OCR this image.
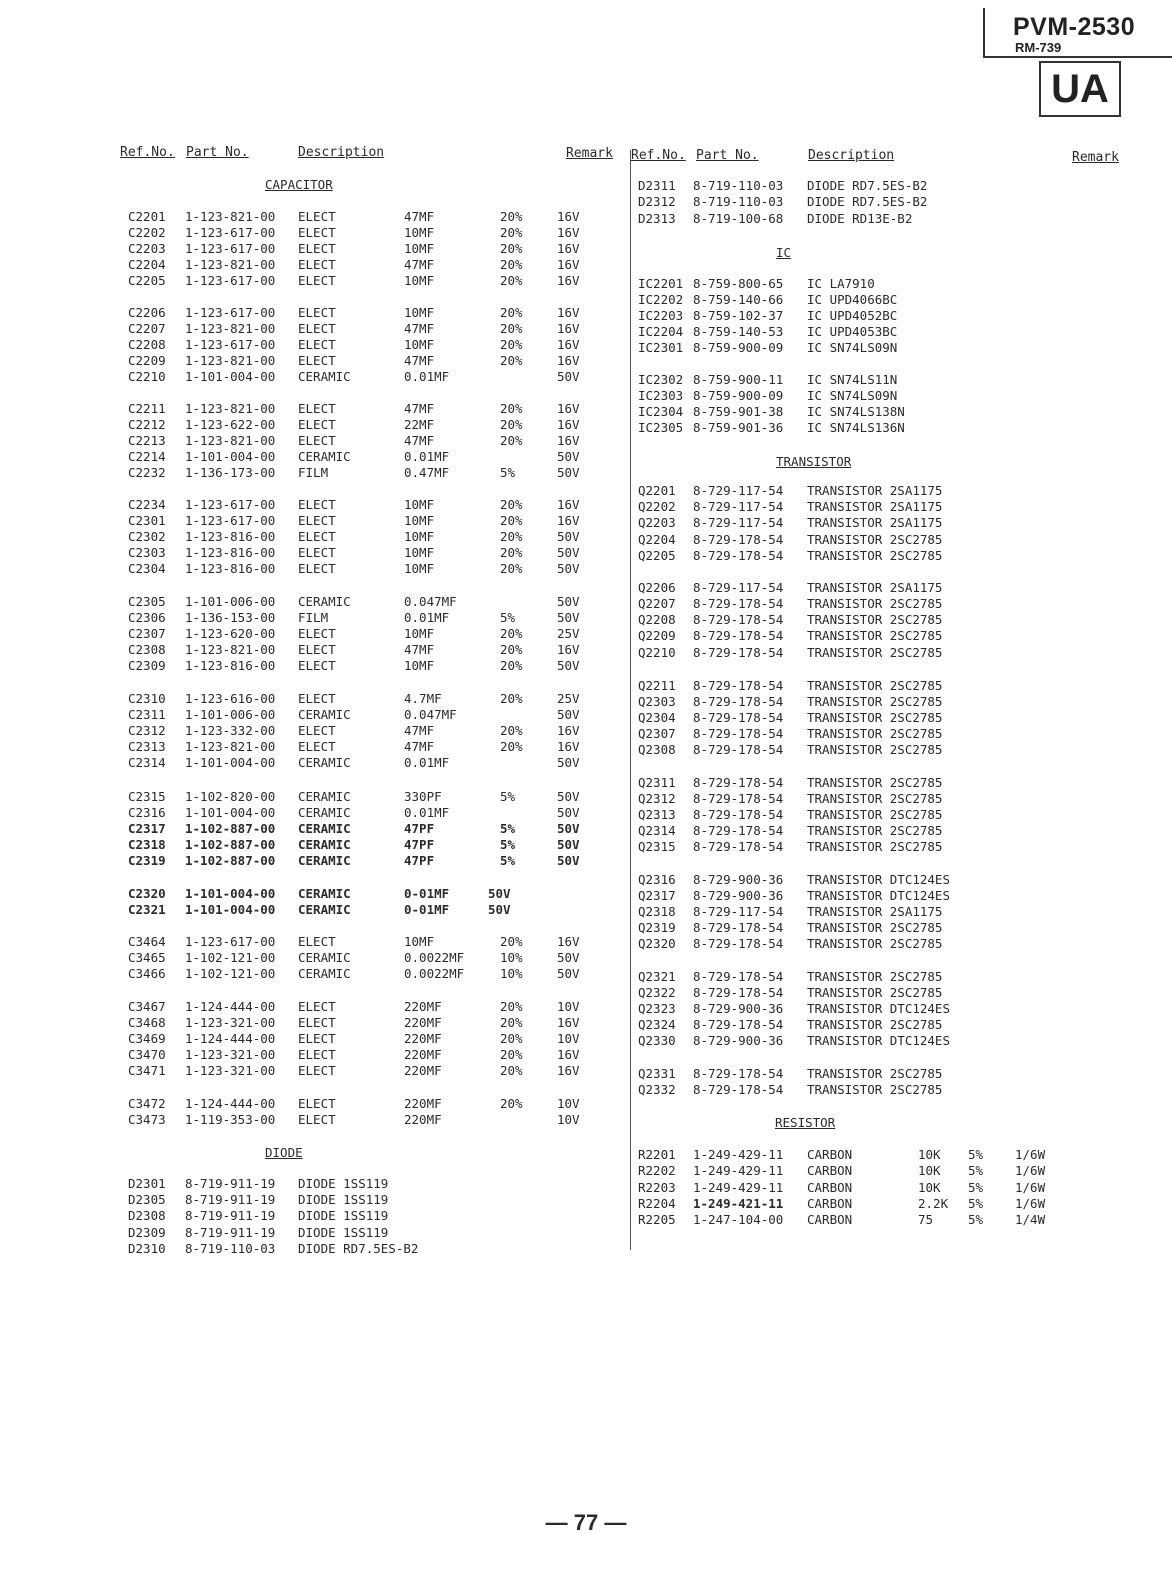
PVM-2530
RM-739
UA
Ref.No. Part No.	Description	Remark Ref.No. Part No.	Description	Remark
CAPACITOR
DIODE
IC
TRANSISTOR
RESISTOR
C2201 1-123-821-00 ELECT	47MF	20%	16V
C2202 1-123-617-00 ELECT	10MF	20%	16V
C2203 1-123-617-00 ELECT	10MF	20%	16V
C2204 1-123-821-00 ELECT	47MF	20%	16V
C2205 1-123-617-00 ELECT	10MF	20%	16V
C2206 1-123-617-00 ELECT	10MF	20%	16V
C2207 1-123-821-00 ELECT	47MF	20%	16V
C2208 1-123-617-00 ELECT	10MF	20%	16V
C2209 1-123-821-00 ELECT	47MF	20%	16V
C2210 1-101-004-00 CERAMIC	0.01MF	50V
C2211 1-123-821-00 ELECT	47MF	20%	16V
C2212 1-123-622-00 ELECT	22MF	20%	16V
C2213 1-123-821-00 ELECT	47MF	20%	16V
C2214 1-101-004-00 CERAMIC	0.01MF	50V
C2232 1-136-173-00 FILM	0.47MF	5%	50V
C2234 1-123-617-00 ELECT	10MF	20%	16V
C2301 1-123-617-00 ELECT	10MF	20%	16V
C2302 1-123-816-00 ELECT	10MF	20%	50V
C2303 1-123-816-00 ELECT	10MF	20%	50V
C2304 1-123-816-00 ELECT	10MF	20%	50V
C2305 1-101-006-00 CERAMIC	0.047MF	50V
C2306 1-136-153-00 FILM	0.01MF	5%	50V
C2307 1-123-620-00 ELECT	10MF	20%	25V
C2308 1-123-821-00 ELECT	47MF	20%	16V
C2309 1-123-816-00 ELECT	10MF	20%	50V
C2310 1-123-616-00 ELECT	4.7MF	20%	25V
C2311 1-101-006-00 CERAMIC	0.047MF	50V
C2312 1-123-332-00 ELECT	47MF	20%	16V
C2313 1-123-821-00 ELECT	47MF	20%	16V
C2314 1-101-004-00 CERAMIC	0.01MF	50V
C2315 1-102-820-00 CERAMIC	330PF	5%	50V
C2316 1-101-004-00 CERAMIC	0.01MF	50V
C2317 1-102-887-00 CERAMIC	47PF	5%	50V
C2318 1-102-887-00 CERAMIC	47PF	5%	50V
C2319 1-102-887-00 CERAMIC	47PF	5%	50V
C2320 1-101-004-00 CERAMIC	0-01MF	50V
C2321 1-101-004-00 CERAMIC	0-01MF	50V
C3464 1-123-617-00 ELECT	10MF	20%	16V
C3465 1-102-121-00 CERAMIC	0.0022MF	10%	50V
C3466 1-102-121-00 CERAMIC	0.0022MF	10%	50V
C3467 1-124-444-00 ELECT	220MF	20%	10V
C3468 1-123-321-00 ELECT	220MF	20%	16V
C3469 1-124-444-00 ELECT	220MF	20%	10V
C3470 1-123-321-00 ELECT	220MF	20%	16V
C3471 1-123-321-00 ELECT	220MF	20%	16V
C3472 1-124-444-00 ELECT	220MF	20%	10V
C3473 1-119-353-00 ELECT	220MF	10V
D2301 8-719-911-19 DIODE 1SS119
D2305 8-719-911-19 DIODE 1SS119
D2308 8-719-911-19 DIODE 1SS119
D2309 8-719-911-19 DIODE 1SS119
D2310 8-719-110-03 DIODE RD7.5ES-B2
D2311 8-719-110-03 DIODE RD7.5ES-B2
D2312 8-719-110-03 DIODE RD7.5ES-B2
D2313 8-719-100-68 DIODE RD13E-B2
IC2201 8-759-800-65 IC LA7910
IC2202 8-759-140-66 IC UPD4066BC
IC2203 8-759-102-37 IC UPD4052BC
IC2204 8-759-140-53 IC UPD4053BC
IC2301 8-759-900-09 IC SN74LS09N
IC2302 8-759-900-11 IC SN74LS11N
IC2303 8-759-900-09 IC SN74LS09N
IC2304 8-759-901-38 IC SN74LS138N
IC2305 8-759-901-36 IC SN74LS136N
Q2201 8-729-117-54 TRANSISTOR 2SA1175
Q2202 8-729-117-54 TRANSISTOR 2SA1175
Q2203 8-729-117-54 TRANSISTOR 2SA1175
Q2204 8-729-178-54 TRANSISTOR 2SC2785
Q2205 8-729-178-54 TRANSISTOR 2SC2785
Q2206 8-729-117-54 TRANSISTOR 2SA1175
Q2207 8-729-178-54 TRANSISTOR 2SC2785
Q2208 8-729-178-54 TRANSISTOR 2SC2785
Q2209 8-729-178-54 TRANSISTOR 2SC2785
Q2210 8-729-178-54 TRANSISTOR 2SC2785
Q2211 8-729-178-54 TRANSISTOR 2SC2785
Q2303 8-729-178-54 TRANSISTOR 2SC2785
Q2304 8-729-178-54 TRANSISTOR 2SC2785
Q2307 8-729-178-54 TRANSISTOR 2SC2785
Q2308 8-729-178-54 TRANSISTOR 2SC2785
Q2311 8-729-178-54 TRANSISTOR 2SC2785
Q2312 8-729-178-54 TRANSISTOR 2SC2785
Q2313 8-729-178-54 TRANSISTOR 2SC2785
Q2314 8-729-178-54 TRANSISTOR 2SC2785
Q2315 8-729-178-54 TRANSISTOR 2SC2785
Q2316 8-729-900-36 TRANSISTOR DTC124ES
Q2317 8-729-900-36 TRANSISTOR DTC124ES
Q2318 8-729-117-54 TRANSISTOR 2SA1175
Q2319 8-729-178-54 TRANSISTOR 2SC2785
Q2320 8-729-178-54 TRANSISTOR 2SC2785
Q2321 8-729-178-54 TRANSISTOR 2SC2785
Q2322 8-729-178-54 TRANSISTOR 2SC2785
Q2323 8-729-900-36 TRANSISTOR DTC124ES
Q2324 8-729-178-54 TRANSISTOR 2SC2785
Q2330 8-729-900-36 TRANSISTOR DTC124ES
Q2331 8-729-178-54 TRANSISTOR 2SC2785
Q2332 8-729-178-54 TRANSISTOR 2SC2785
R2201 1-249-429-11 CARBON	10K 5%	1/6W
R2202 1-249-429-11 CARBON	10K 5%	1/6W
R2203 1-249-429-11 CARBON	10K 5%	1/6W
R2204 1-249-421-11 CARBON	2.2K 5%	1/6W
R2205 1-247-104-00 CARBON	75	5%	1/4W
— 77 —
